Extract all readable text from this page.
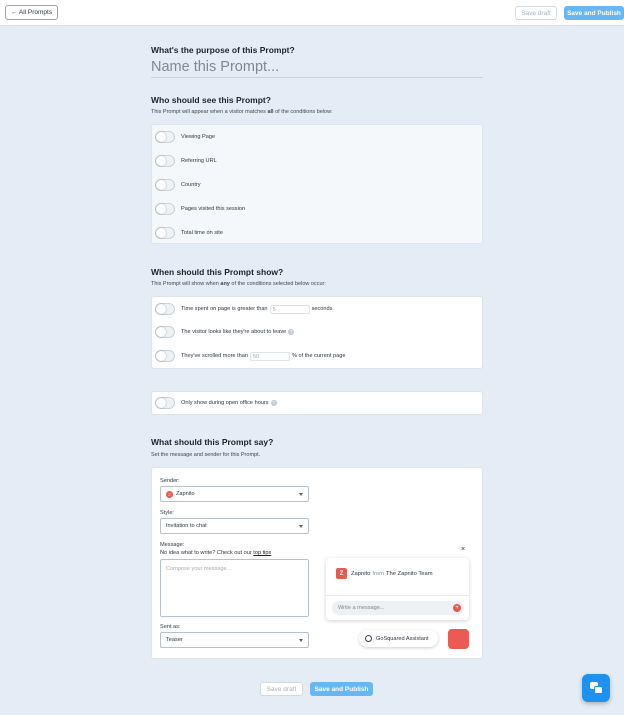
← All Prompts	Save draft	Save and Publish
What's the purpose of this Prompt?
Name this Prompt...
Who should see this Prompt?
This Prompt will appear when a visitor matches all of the conditions below:
Viewing Page
Referring URL
Country
Pages visited this session
Total time on site
When should this Prompt show?
This Prompt will show when any of the conditions selected below occur:
Time spent on page is greater than 5	seconds
The visitor looks like they're about to leave ?
They've scrolled more than 50	% of the current page
Only show during open office hours ?
What should this Prompt say?
Set the message and sender for this Prompt.
Sender:
Z Zapnito
Style:
Invitation to chat
Message:
No idea what to write? Check out our top tips
Compose your message...
Sent as:
Teaser
×
Z	Zapnito from The Zapnito Team
Write a message...	+
GoSquared Assistant
Save draft	Save and Publish
